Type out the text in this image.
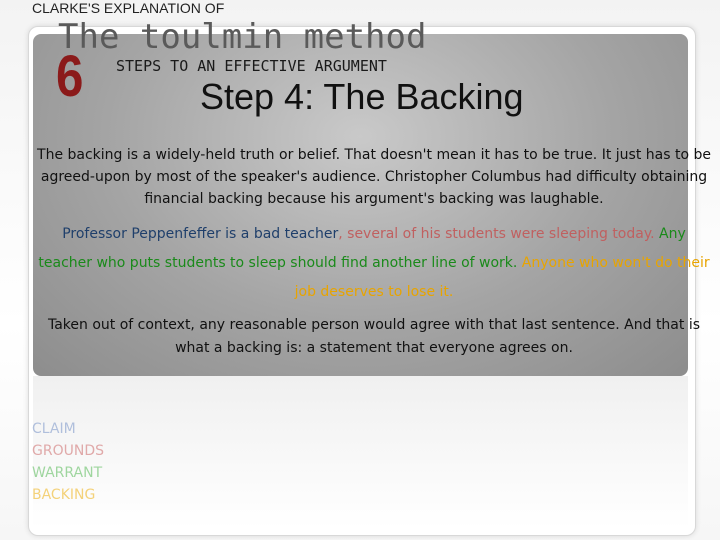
CLARKE'S EXPLANATION OF
6
The toulmin method
STEPS TO AN EFFECTIVE ARGUMENT
Step 4: The Backing
The backing is a widely-held truth or belief. That doesn't mean it has to be true. It just has to be agreed-upon by most of the speaker's audience. Christopher Columbus had difficulty obtaining financial backing because his argument's backing was laughable.
Professor Peppenfeffer is a bad teacher, several of his students were sleeping today. Any teacher who puts students to sleep should find another line of work. Anyone who won't do their job deserves to lose it.
Taken out of context, any reasonable person would agree with that last sentence. And that is what a backing is: a statement that everyone agrees on.
CLAIM
GROUNDS
WARRANT
BACKING
